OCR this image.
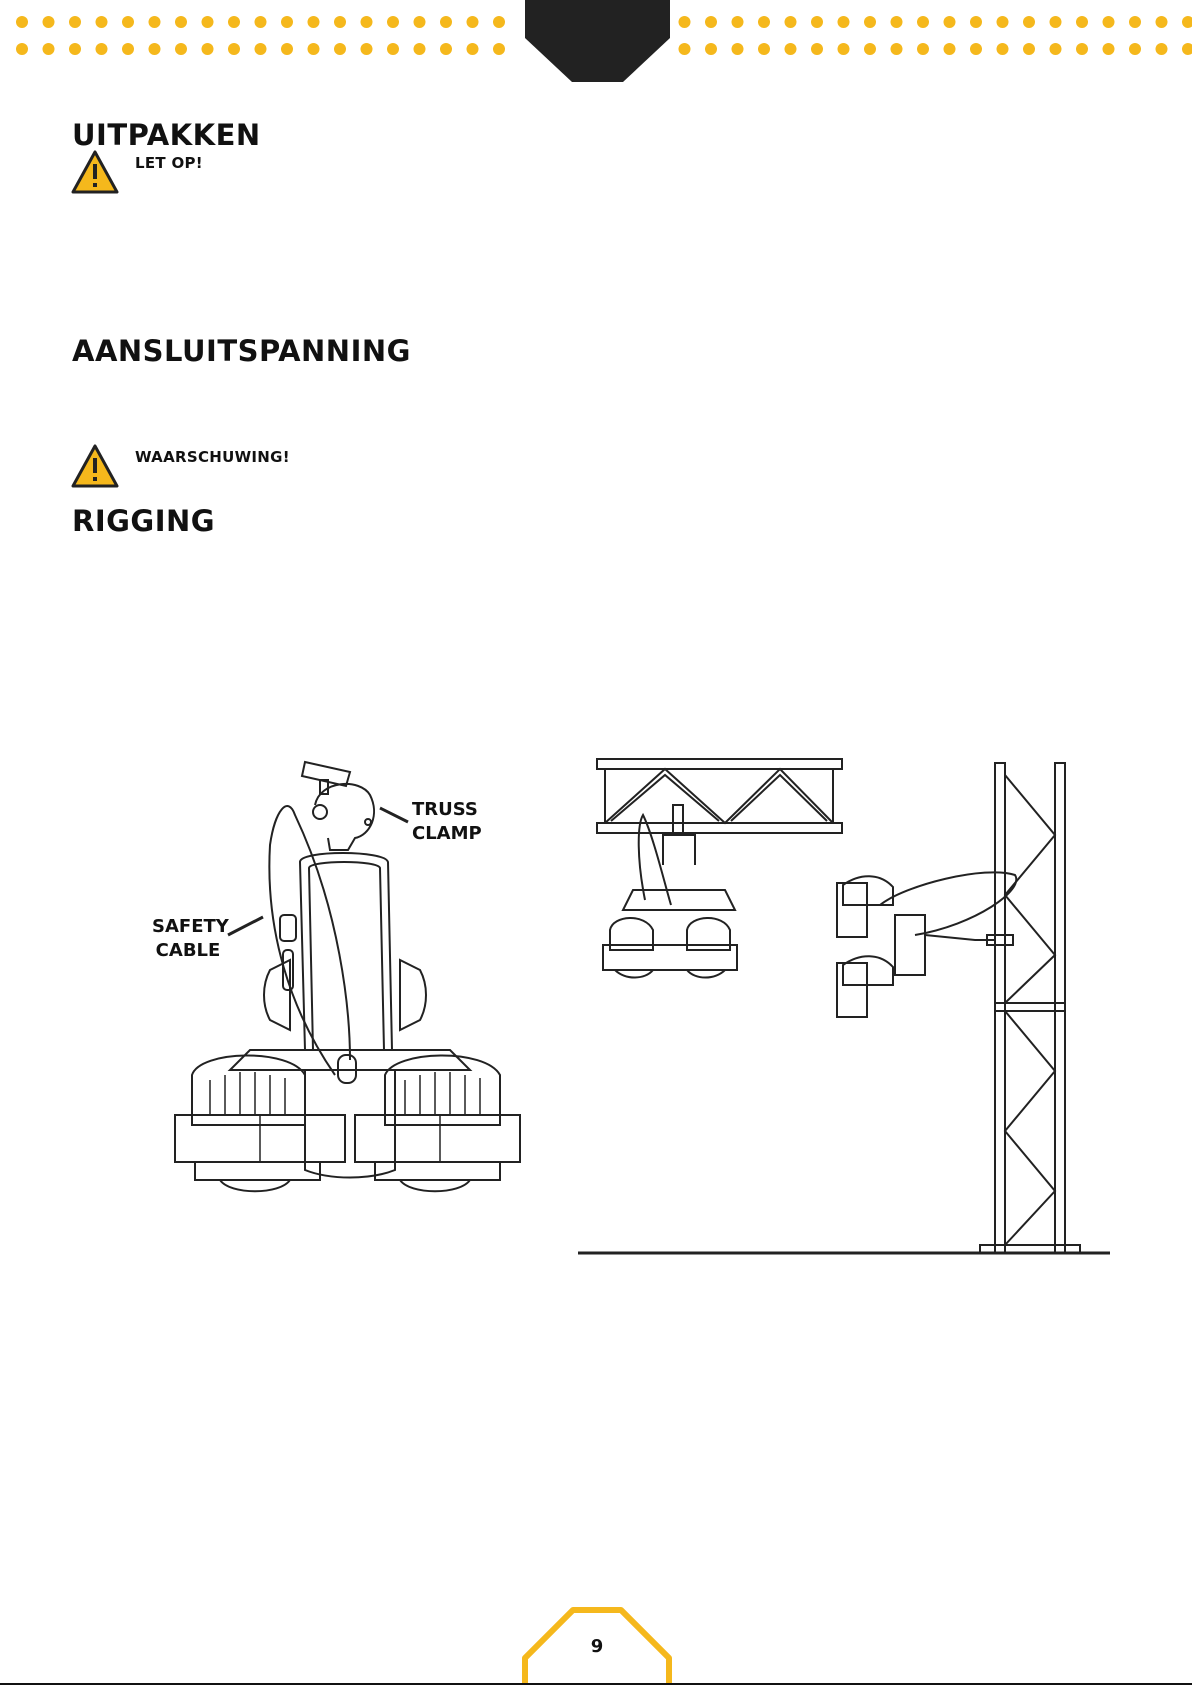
UITPAKKEN
LET OP!
AANSLUITSPANNING
WAARSCHUWING!
RIGGING
TRUSS
CLAMP
SAFETY
CABLE
9
